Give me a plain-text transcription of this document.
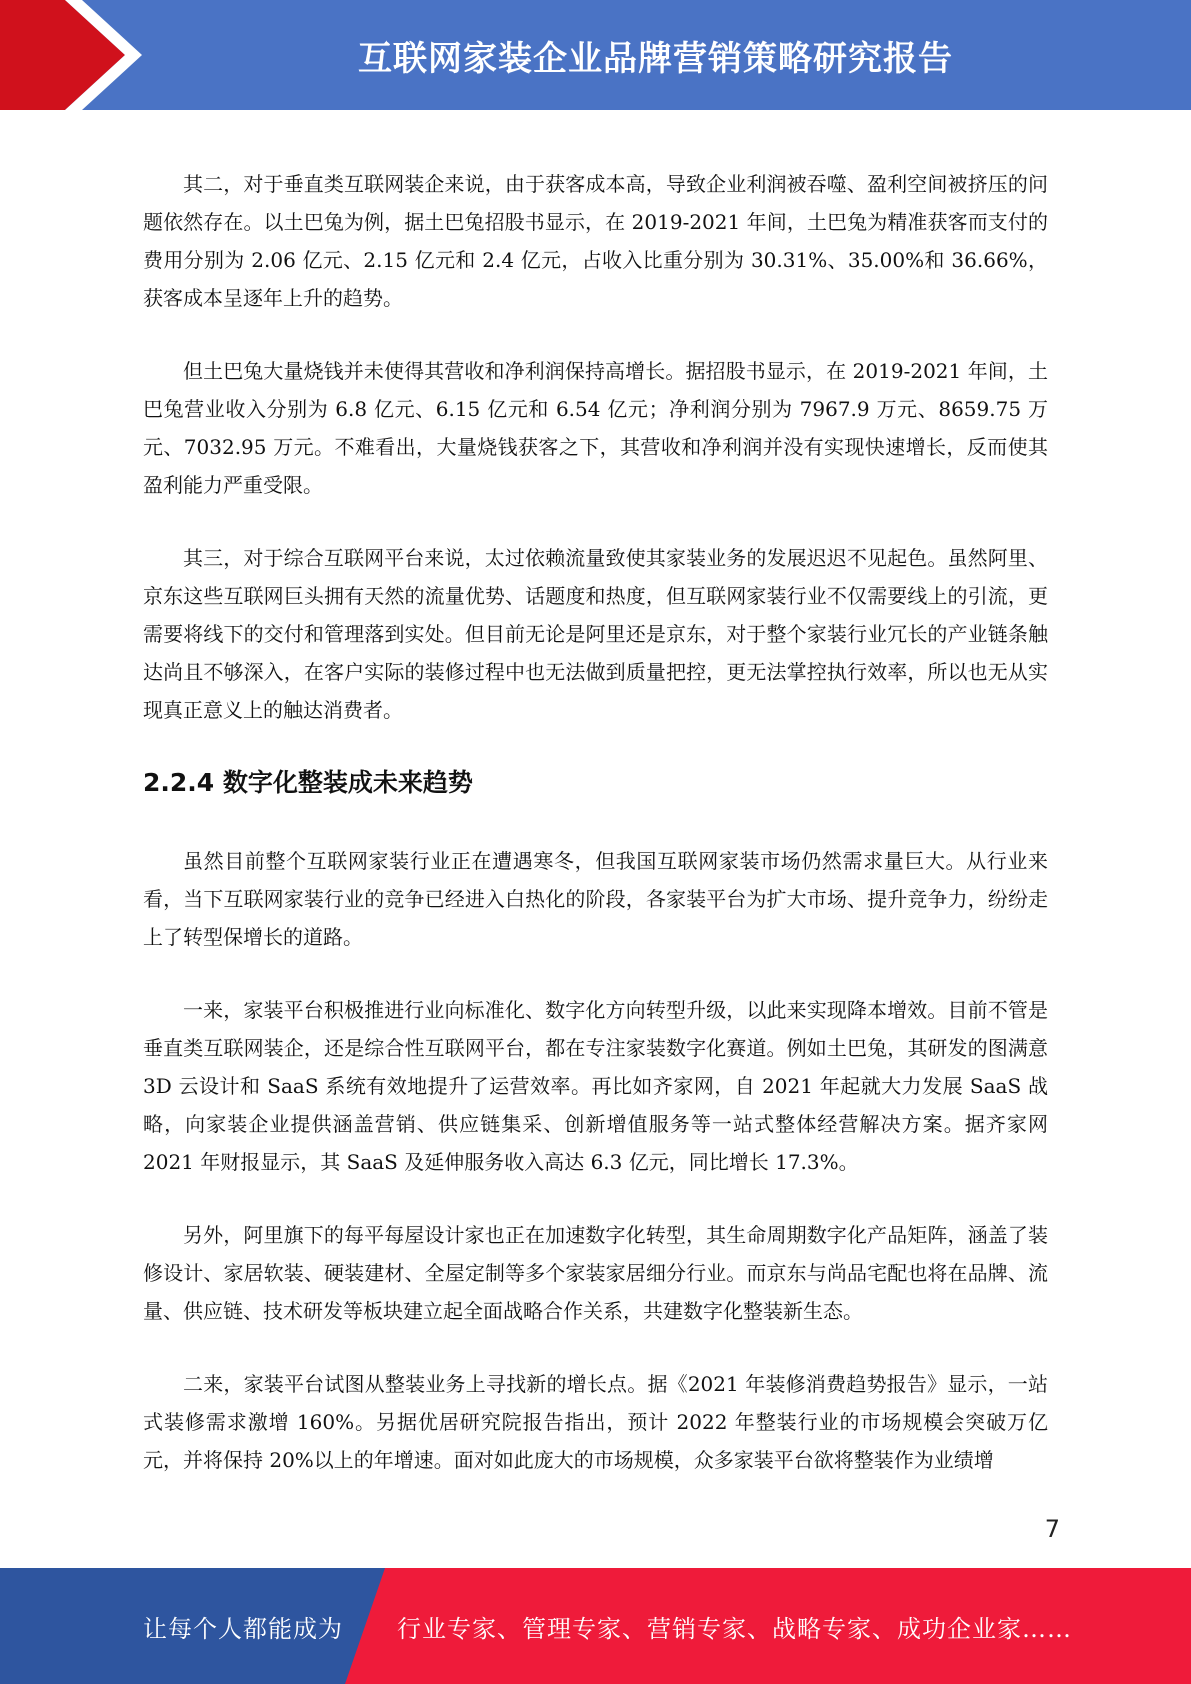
互联网家装企业品牌营销策略研究报告

其二，对于垂直类互联网装企来说，由于获客成本高，导致企业利润被吞噬、盈利空间被挤压的问题依然存在。以土巴兔为例，据土巴兔招股书显示，在 2019-2021 年间，土巴兔为精准获客而支付的费用分别为 2.06 亿元、2.15 亿元和 2.4 亿元，占收入比重分别为 30.31%、35.00%和 36.66%，获客成本呈逐年上升的趋势。

但土巴兔大量烧钱并未使得其营收和净利润保持高增长。据招股书显示，在 2019-2021 年间，土巴兔营业收入分别为 6.8 亿元、6.15 亿元和 6.54 亿元；净利润分别为 7967.9 万元、8659.75 万元、7032.95 万元。不难看出，大量烧钱获客之下，其营收和净利润并没有实现快速增长，反而使其盈利能力严重受限。

其三，对于综合互联网平台来说，太过依赖流量致使其家装业务的发展迟迟不见起色。虽然阿里、京东这些互联网巨头拥有天然的流量优势、话题度和热度，但互联网家装行业不仅需要线上的引流，更需要将线下的交付和管理落到实处。但目前无论是阿里还是京东，对于整个家装行业冗长的产业链条触达尚且不够深入，在客户实际的装修过程中也无法做到质量把控，更无法掌控执行效率，所以也无从实现真正意义上的触达消费者。

2.2.4 数字化整装成未来趋势

虽然目前整个互联网家装行业正在遭遇寒冬，但我国互联网家装市场仍然需求量巨大。从行业来看，当下互联网家装行业的竞争已经进入白热化的阶段，各家装平台为扩大市场、提升竞争力，纷纷走上了转型保增长的道路。

一来，家装平台积极推进行业向标准化、数字化方向转型升级，以此来实现降本增效。目前不管是垂直类互联网装企，还是综合性互联网平台，都在专注家装数字化赛道。例如土巴兔，其研发的图满意 3D 云设计和 SaaS 系统有效地提升了运营效率。再比如齐家网，自 2021 年起就大力发展 SaaS 战略，向家装企业提供涵盖营销、供应链集采、创新增值服务等一站式整体经营解决方案。据齐家网 2021 年财报显示，其 SaaS 及延伸服务收入高达 6.3 亿元，同比增长 17.3%。

另外，阿里旗下的每平每屋设计家也正在加速数字化转型，其生命周期数字化产品矩阵，涵盖了装修设计、家居软装、硬装建材、全屋定制等多个家装家居细分行业。而京东与尚品宅配也将在品牌、流量、供应链、技术研发等板块建立起全面战略合作关系，共建数字化整装新生态。

二来，家装平台试图从整装业务上寻找新的增长点。据《2021 年装修消费趋势报告》显示，一站式装修需求激增 160%。另据优居研究院报告指出，预计 2022 年整装行业的市场规模会突破万亿元，并将保持 20%以上的年增速。面对如此庞大的市场规模，众多家装平台欲将整装作为业绩增

7
让每个人都能成为	行业专家、管理专家、营销专家、战略专家、成功企业家……
